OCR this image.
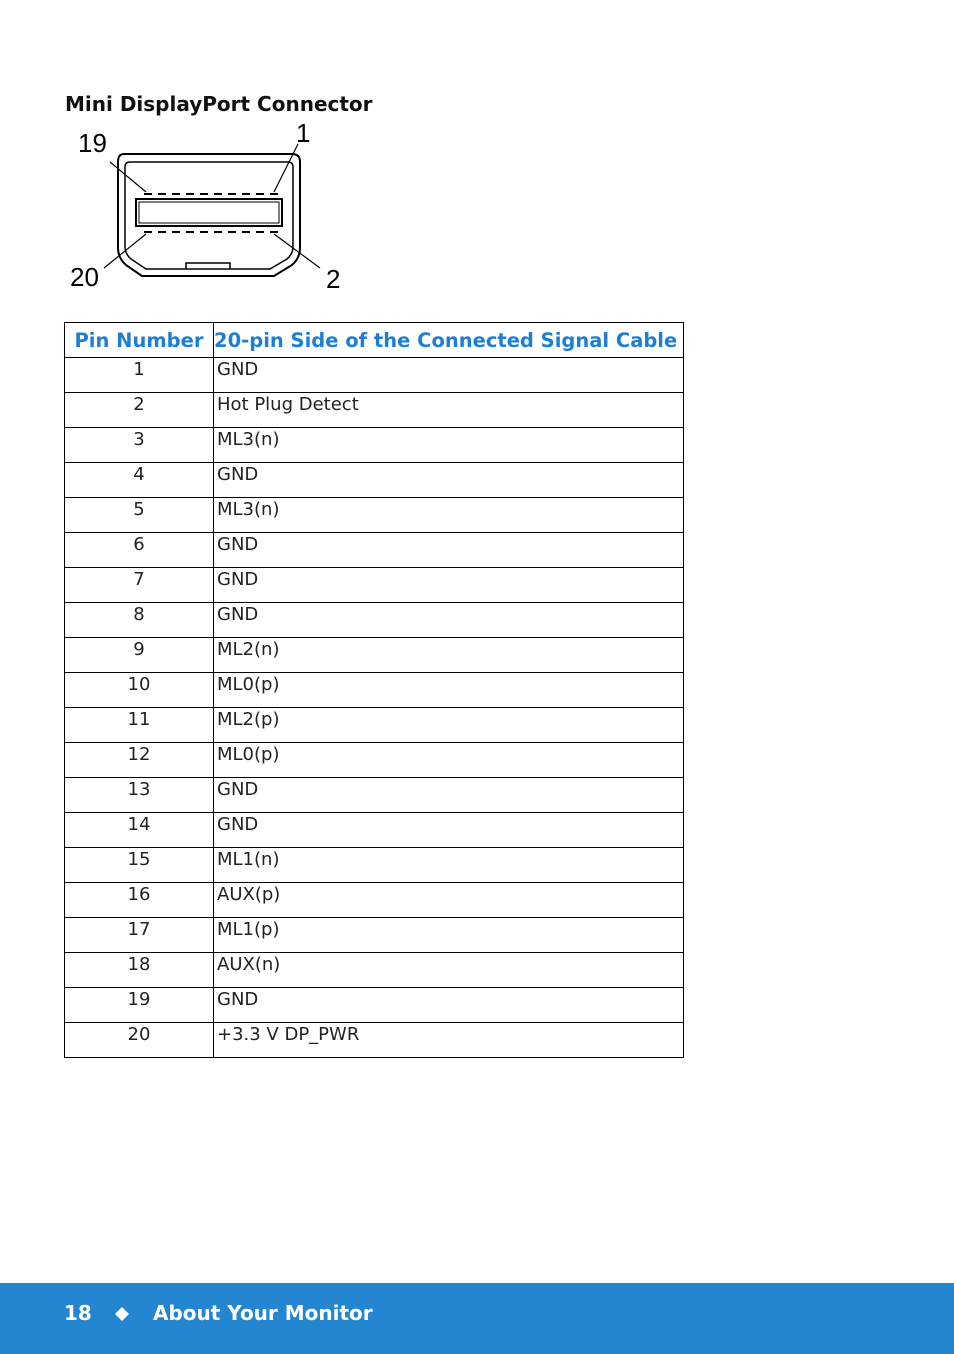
Mini DisplayPort Connector
19	1
20	2
Pin Number	20-pin Side of the Connected Signal Cable
1	GND
2	Hot Plug Detect
3	ML3(n)
4	GND
5	ML3(n)
6	GND
7	GND
8	GND
9	ML2(n)
10	ML0(p)
11	ML2(p)
12	ML0(p)
13	GND
14	GND
15	ML1(n)
16	AUX(p)
17	ML1(p)
18	AUX(n)
19	GND
20	+3.3 V DP_PWR
18	About Your Monitor
